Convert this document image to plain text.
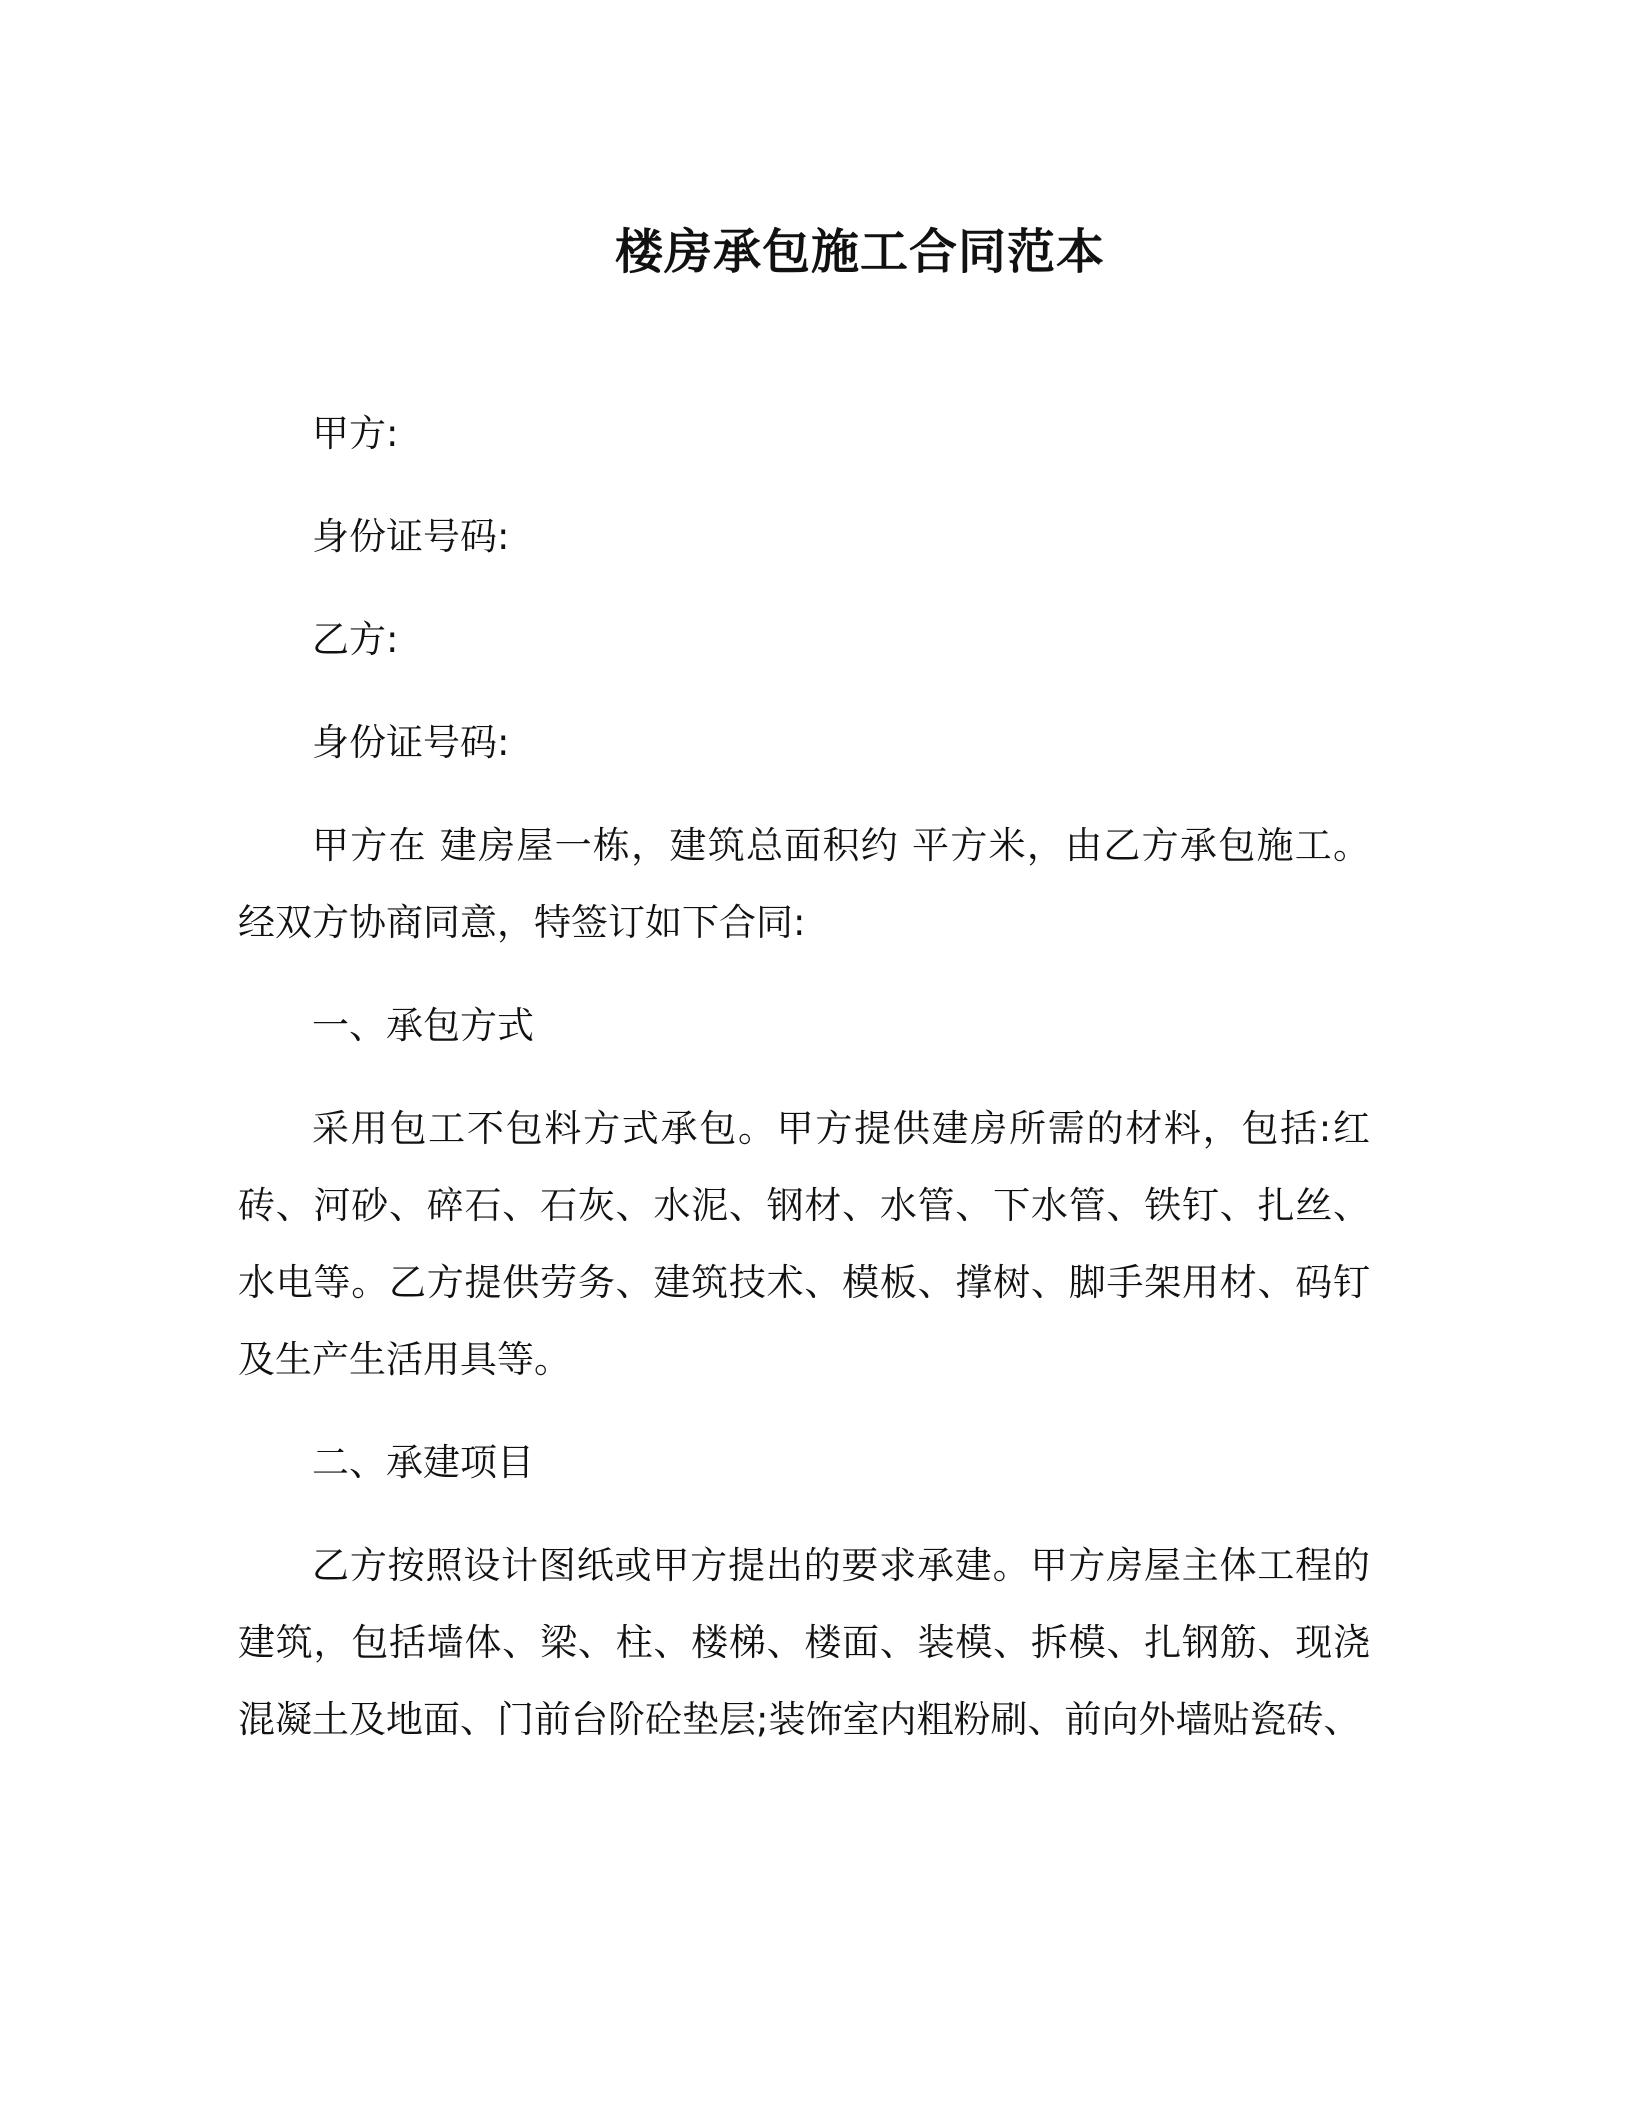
楼房承包施工合同范本

甲方:

身份证号码:

乙方:

身份证号码:

甲方在 建房屋一栋，建筑总面积约 平方米，由乙方承包施工。经双方协商同意，特签订如下合同:

一、承包方式

采用包工不包料方式承包。甲方提供建房所需的材料，包括:红砖、河砂、碎石、石灰、水泥、钢材、水管、下水管、铁钉、扎丝、水电等。乙方提供劳务、建筑技术、模板、撑树、脚手架用材、码钉及生产生活用具等。

二、承建项目

乙方按照设计图纸或甲方提出的要求承建。甲方房屋主体工程的建筑，包括墙体、梁、柱、楼梯、楼面、装模、拆模、扎钢筋、现浇混凝土及地面、门前台阶砼垫层;装饰室内粗粉刷、前向外墙贴瓷砖、
